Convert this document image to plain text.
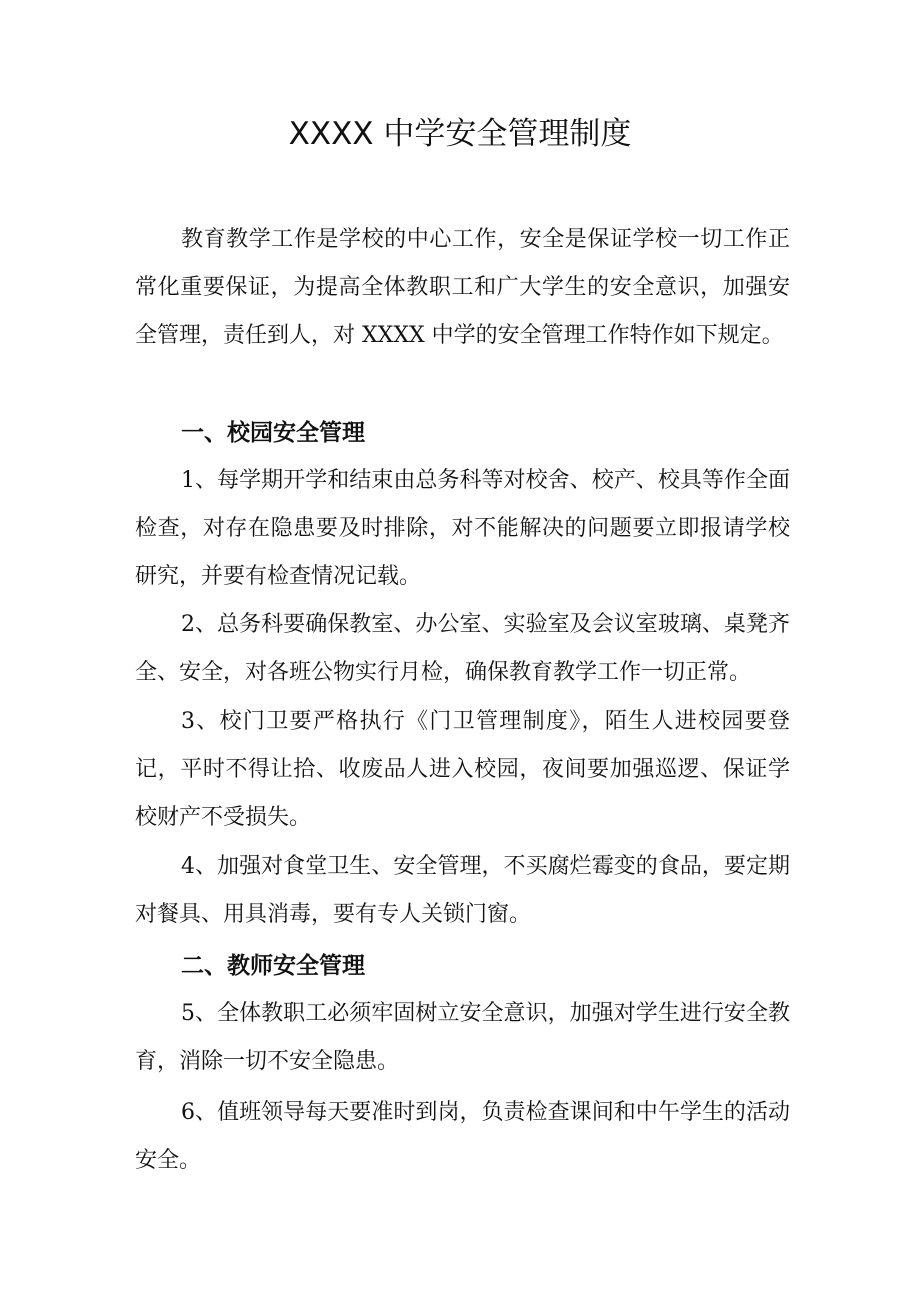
XXXX 中学安全管理制度

教育教学工作是学校的中心工作，安全是保证学校一切工作正常化重要保证，为提高全体教职工和广大学生的安全意识，加强安全管理，责任到人，对 XXXX 中学的安全管理工作特作如下规定。

一、校园安全管理

1、每学期开学和结束由总务科等对校舍、校产、校具等作全面检查，对存在隐患要及时排除，对不能解决的问题要立即报请学校研究，并要有检查情况记载。

2、总务科要确保教室、办公室、实验室及会议室玻璃、桌凳齐全、安全，对各班公物实行月检，确保教育教学工作一切正常。

3、校门卫要严格执行《门卫管理制度》，陌生人进校园要登记，平时不得让拾、收废品人进入校园，夜间要加强巡逻、保证学校财产不受损失。

4、加强对食堂卫生、安全管理，不买腐烂霉变的食品，要定期对餐具、用具消毒，要有专人关锁门窗。

二、教师安全管理

5、全体教职工必须牢固树立安全意识，加强对学生进行安全教育，消除一切不安全隐患。

6、值班领导每天要准时到岗，负责检查课间和中午学生的活动安全。
